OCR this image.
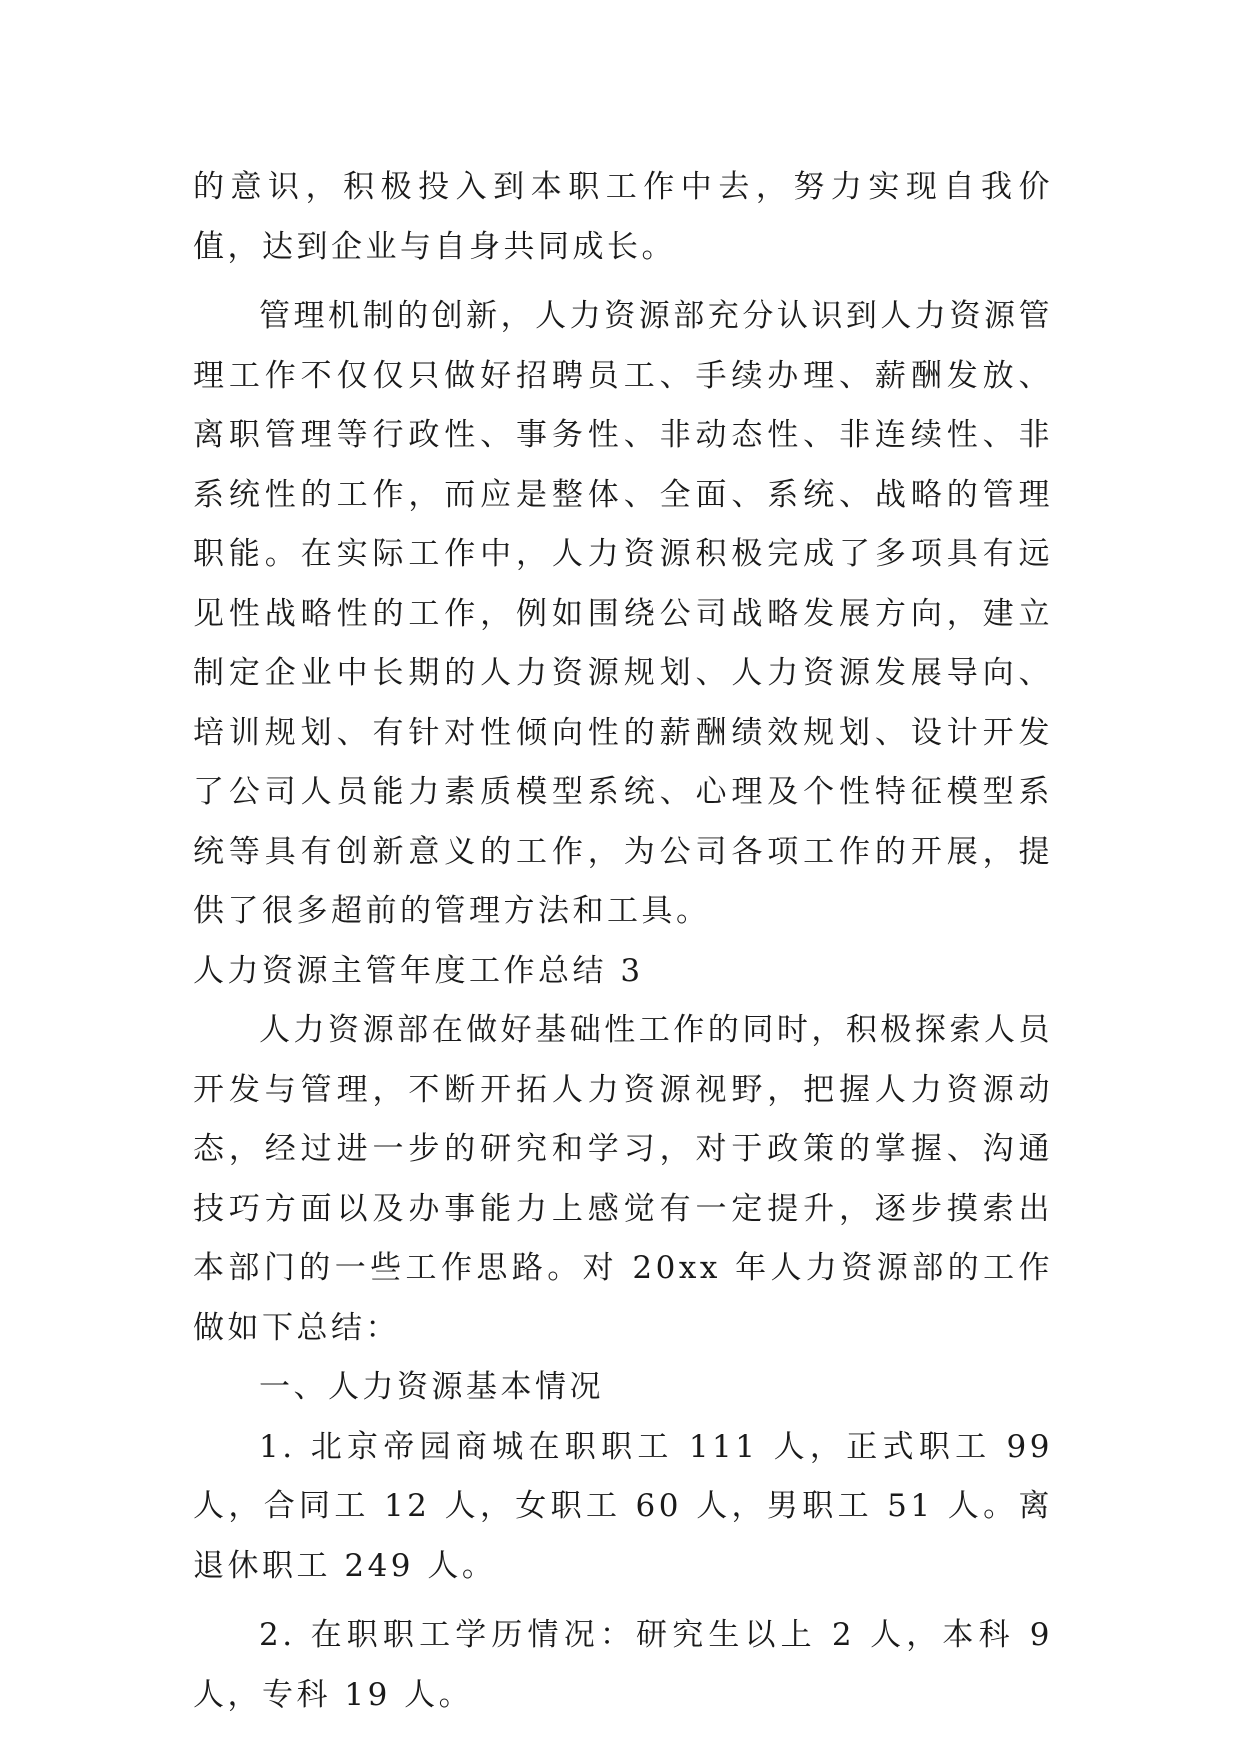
的意识，积极投入到本职工作中去，努力实现自我价值，达到企业与自身共同成长。

管理机制的创新，人力资源部充分认识到人力资源管理工作不仅仅只做好招聘员工、手续办理、薪酬发放、离职管理等行政性、事务性、非动态性、非连续性、非系统性的工作，而应是整体、全面、系统、战略的管理职能。在实际工作中，人力资源积极完成了多项具有远见性战略性的工作，例如围绕公司战略发展方向，建立制定企业中长期的人力资源规划、人力资源发展导向、培训规划、有针对性倾向性的薪酬绩效规划、设计开发了公司人员能力素质模型系统、心理及个性特征模型系统等具有创新意义的工作，为公司各项工作的开展，提供了很多超前的管理方法和工具。

人力资源主管年度工作总结 3

人力资源部在做好基础性工作的同时，积极探索人员开发与管理，不断开拓人力资源视野，把握人力资源动态，经过进一步的研究和学习，对于政策的掌握、沟通技巧方面以及办事能力上感觉有一定提升，逐步摸索出本部门的一些工作思路。对 20xx 年人力资源部的工作做如下总结：

一、人力资源基本情况

1. 北京帝园商城在职职工 111 人，正式职工 99 人，合同工 12 人，女职工 60 人，男职工 51 人。离退休职工 249 人。

2. 在职职工学历情况：研究生以上 2 人，本科 9 人，专科 19 人。
